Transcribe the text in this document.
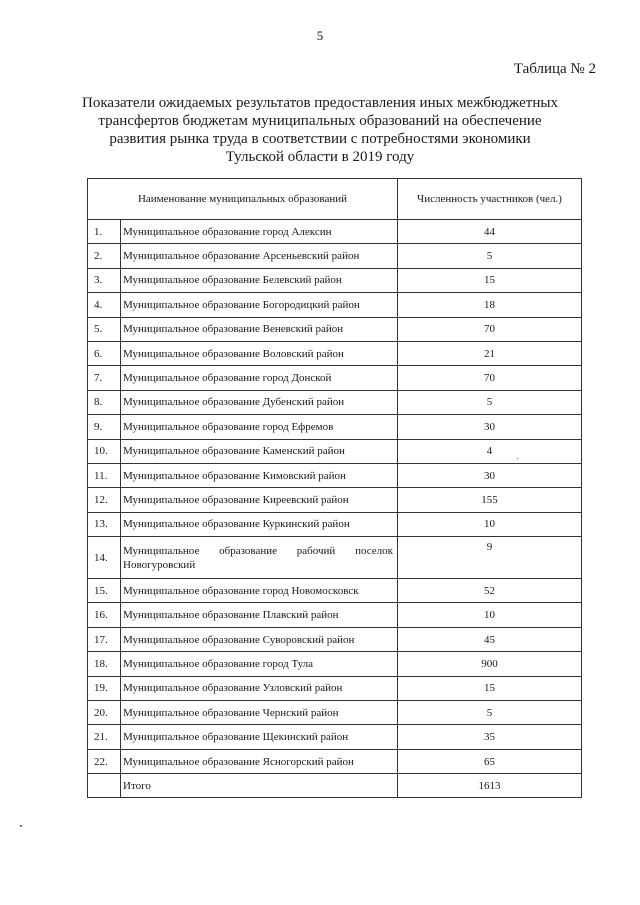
5
Таблица № 2
Показатели ожидаемых результатов предоставления иных межбюджетных
трансфертов бюджетам муниципальных образований на обеспечение
развития рынка труда в соответствии с потребностями экономики
Тульской области в 2019 году
Наименование муниципальных образований		Численность участников (чел.)
1.	Муниципальное образование город Алексин	44
2.	Муниципальное образование Арсеньевский район	5
3.	Муниципальное образование Белевский район	15
4.	Муниципальное образование Богородицкий район	18
5.	Муниципальное образование Веневский район	70
6.	Муниципальное образование Воловский район	21
7.	Муниципальное образование город Донской	70
8.	Муниципальное образование Дубенский район	5
9.	Муниципальное образование город Ефремов	30
10.	Муниципальное образование Каменский район	4
11.	Муниципальное образование Кимовский район	30
12.	Муниципальное образование Киреевский район	155
13.	Муниципальное образование Куркинский район	10
14.	Муниципальное образование рабочий поселок Новогуровский	9
15.	Муниципальное образование город Новомосковск	52
16.	Муниципальное образование Плавский район	10
17.	Муниципальное образование Суворовский район	45
18.	Муниципальное образование город Тула	900
19.	Муниципальное образование Узловский район	15
20.	Муниципальное образование Чернский район	5
21.	Муниципальное образование Щекинский район	35
22.	Муниципальное образование Ясногорский район	65
	Итого	1613
